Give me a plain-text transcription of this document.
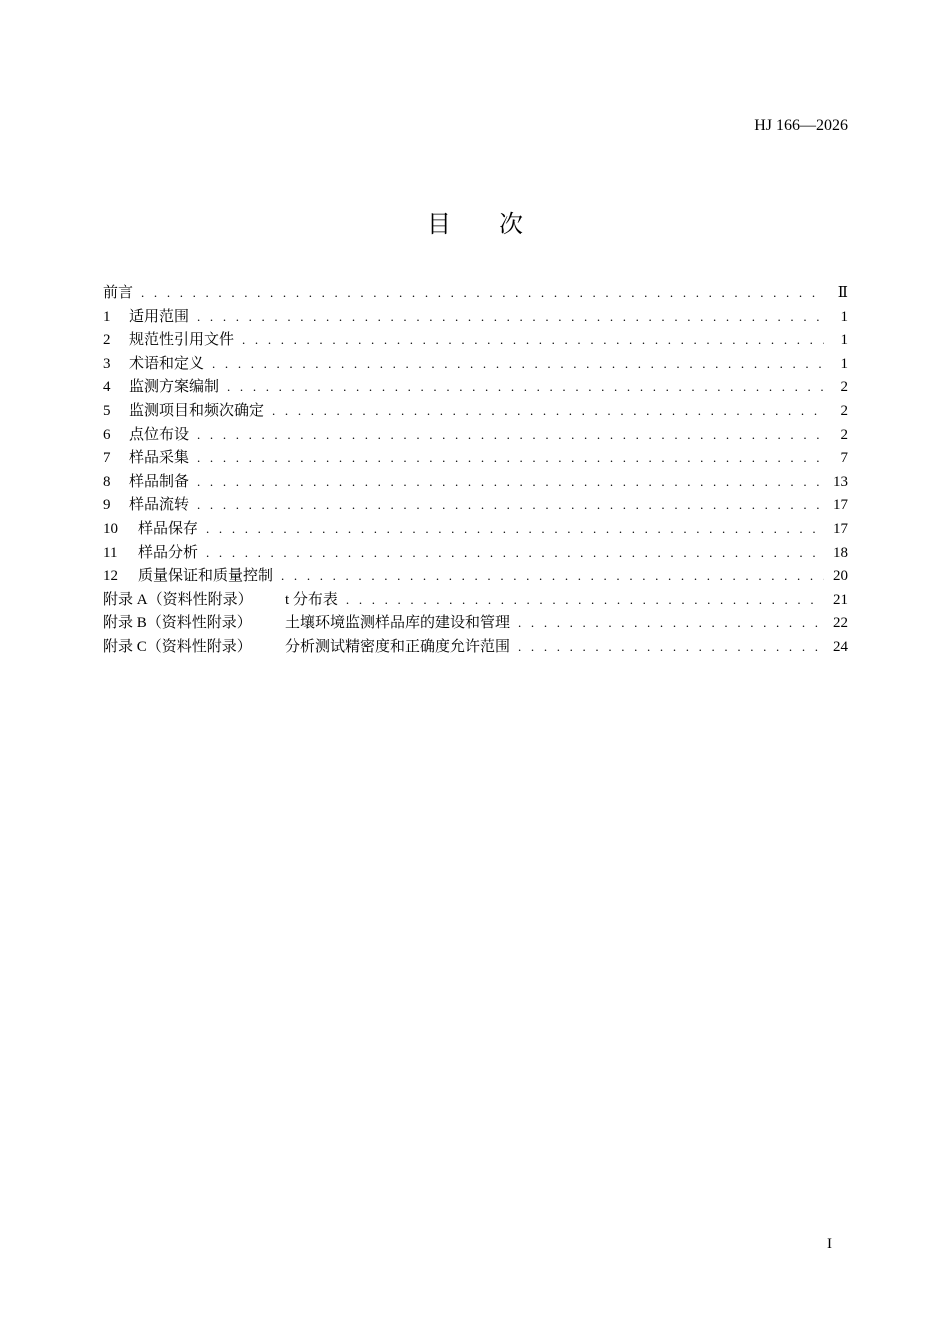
HJ 166—2026
目次
前言 . . .	Ⅱ
1	适用范围 . . .	1
2	规范性引用文件 . . .	1
3	术语和定义 . . .	1
4	监测方案编制 . . .	2
5	监测项目和频次确定 . . .	2
6	点位布设 . . .	2
7	样品采集 . . .	7
8	样品制备 . . .	13
9	样品流转 . . .	17
10	样品保存 . . .	17
11	样品分析 . . .	18
12	质量保证和质量控制 . . .	20
附录 A（资料性附录）	t 分布表 . . .	21
附录 B（资料性附录）	土壤环境监测样品库的建设和管理 . . .	22
附录 C（资料性附录）	分析测试精密度和正确度允许范围 . . .	24
I
